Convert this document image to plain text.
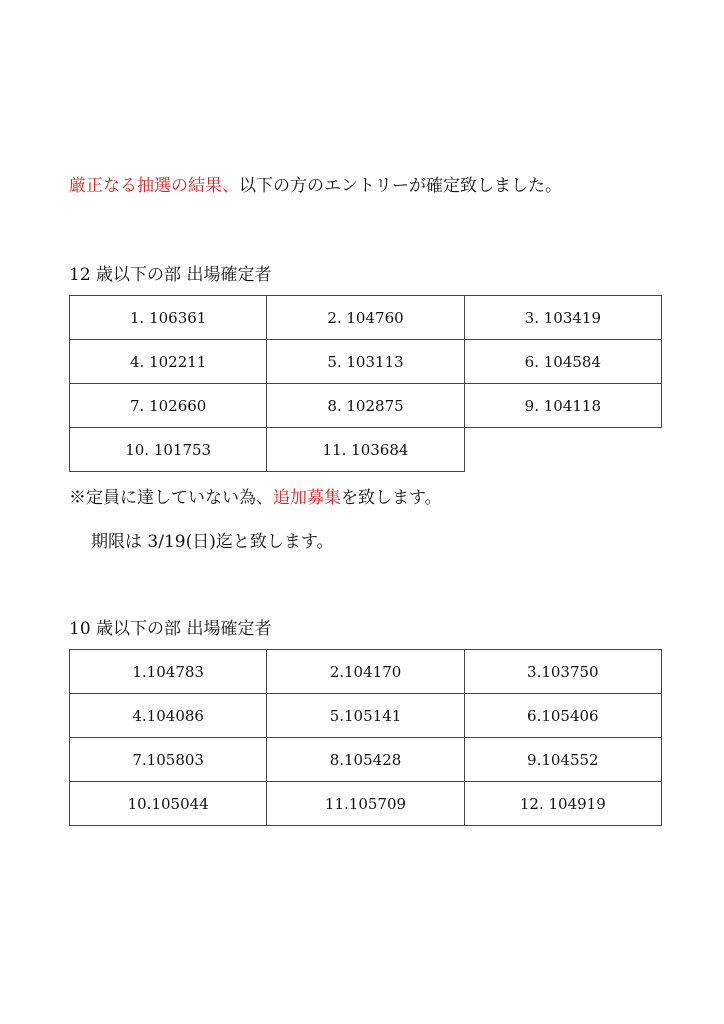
厳正なる抽選の結果、以下の方のエントリーが確定致しました。
12 歳以下の部 出場確定者
1. 106361	2. 104760	3. 103419
4. 102211	5. 103113	6. 104584
7. 102660	8. 102875	9. 104118
10. 101753	11. 103684	
※定員に達していない為、追加募集を致します。
期限は 3/19(日)迄と致します。
10 歳以下の部 出場確定者
1.104783	2.104170	3.103750
4.104086	5.105141	6.105406
7.105803	8.105428	9.104552
10.105044	11.105709	12. 104919
